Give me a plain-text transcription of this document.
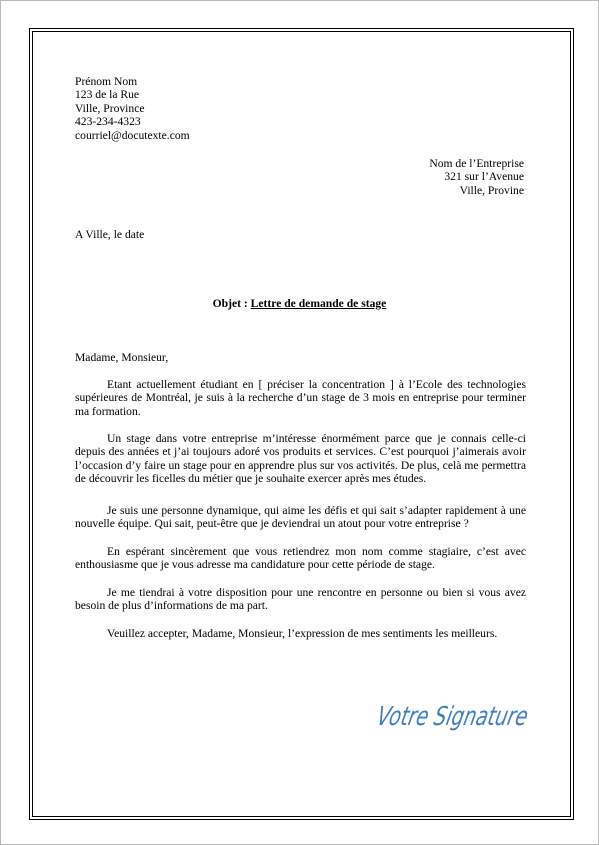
Prénom Nom
123 de la Rue
Ville, Province
423-234-4323
courriel@docutexte.com
Nom de l’Entreprise
321 sur l’Avenue
Ville, Provine
A Ville, le date
Objet : Lettre de demande de stage
Madame, Monsieur,
Etant actuellement étudiant en [ préciser la concentration ] à l’Ecole des technologies supérieures de Montréal, je suis à la recherche d’un stage de 3 mois en entreprise pour terminer ma formation.
Un stage dans votre entreprise m’intéresse énormément parce que je connais celle-ci depuis des années et j’ai toujours adoré vos produits et services. C’est pourquoi j’aimerais avoir l’occasion d’y faire un stage pour en apprendre plus sur vos activités. De plus, celà me permettra de découvrir les ficelles du métier que je souhaite exercer après mes études.
Je suis une personne dynamique, qui aime les défis et qui sait s’adapter rapidement à une nouvelle équipe. Qui sait, peut-être que je deviendrai un atout pour votre entreprise ?
En espérant sincèrement que vous retiendrez mon nom comme stagiaire, c’est avec enthousiasme que je vous adresse ma candidature pour cette période de stage.
Je me tiendrai à votre disposition pour une rencontre en personne ou bien si vous avez besoin de plus d’informations de ma part.
Veuillez accepter, Madame, Monsieur, l’expression de mes sentiments les meilleurs.
Votre Signature
